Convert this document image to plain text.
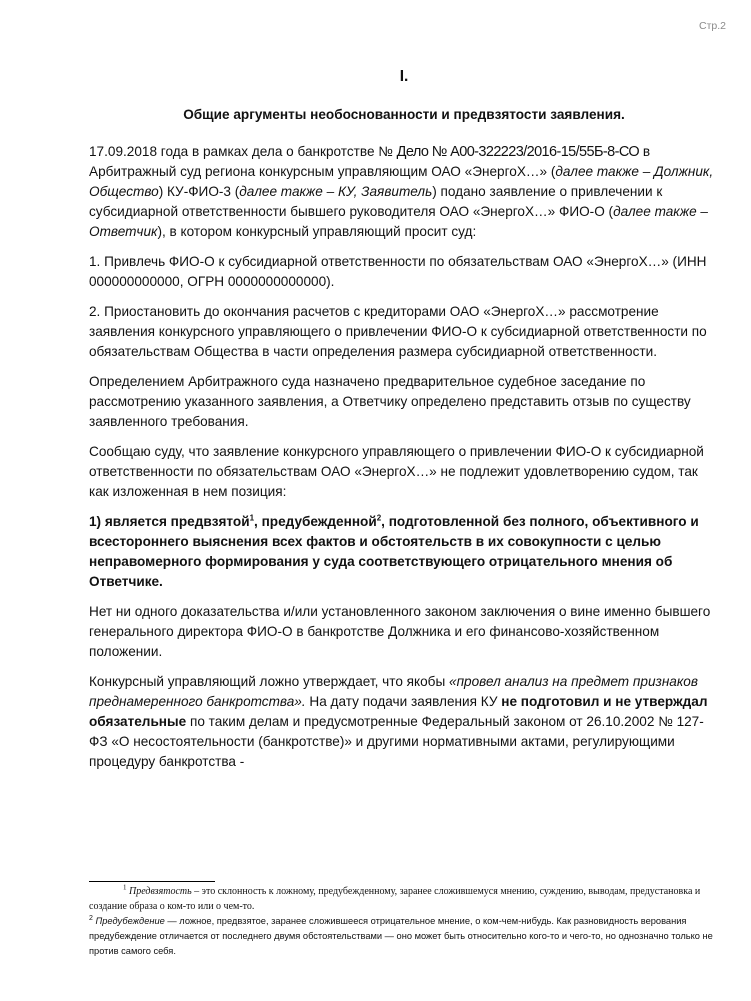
Стр.2
I.
Общие аргументы необоснованности и предвзятости заявления.

17.09.2018 года в рамках дела о банкротстве № Дело № А00-322223/2016-15/55Б-8-СО в Арбитражный суд региона конкурсным управляющим ОАО «ЭнергоХ…» (далее также – Должник, Общество) КУ-ФИО-3 (далее также – КУ, Заявитель) подано заявление о привлечении к субсидиарной ответственности бывшего руководителя ОАО «ЭнергоХ…» ФИО-О (далее также – Ответчик), в котором конкурсный управляющий просит суд:

1. Привлечь ФИО-О к субсидиарной ответственности по обязательствам ОАО «ЭнергоХ…» (ИНН 000000000000, ОГРН 0000000000000).

2. Приостановить до окончания расчетов с кредиторами ОАО «ЭнергоХ…» рассмотрение заявления конкурсного управляющего о привлечении ФИО-О к субсидиарной ответственности по обязательствам Общества в части определения размера субсидиарной ответственности.

Определением Арбитражного суда назначено предварительное судебное заседание по рассмотрению указанного заявления, а Ответчику определено представить отзыв по существу заявленного требования.

Сообщаю суду, что заявление конкурсного управляющего о привлечении ФИО-О к субсидиарной ответственности по обязательствам ОАО «ЭнергоХ…» не подлежит удовлетворению судом, так как изложенная в нем позиция:

1) является предвзятой$^1$, предубежденной$^2$, подготовленной без полного, объективного и всестороннего выяснения всех фактов и обстоятельств в их совокупности с целью неправомерного формирования у суда соответствующего отрицательного мнения об Ответчике.

Нет ни одного доказательства и/или установленного законом заключения о вине именно бывшего генерального директора ФИО-О в банкротстве Должника и его финансово-хозяйственном положении.

Конкурсный управляющий ложно утверждает, что якобы «провел анализ на предмет признаков преднамеренного банкротства». На дату подачи заявления КУ не подготовил и не утверждал обязательные по таким делам и предусмотренные Федеральный законом от 26.10.2002 № 127-ФЗ «О несостоятельности (банкротстве)» и другими нормативными актами, регулирующими процедуру банкротства -

$^1$ Предвзятость – это склонность к ложному, предубежденному, заранее сложившемуся мнению, суждению, выводам, предустановка и создание образа о ком-то или о чем-то.

$^2$ Предубеждение — ложное, предвзятое, заранее сложившееся отрицательное мнение, о ком-чем-нибудь. Как разновидность верования предубеждение отличается от последнего двумя обстоятельствами — оно может быть относительно кого-то и чего-то, но однозначно только не против самого себя.
